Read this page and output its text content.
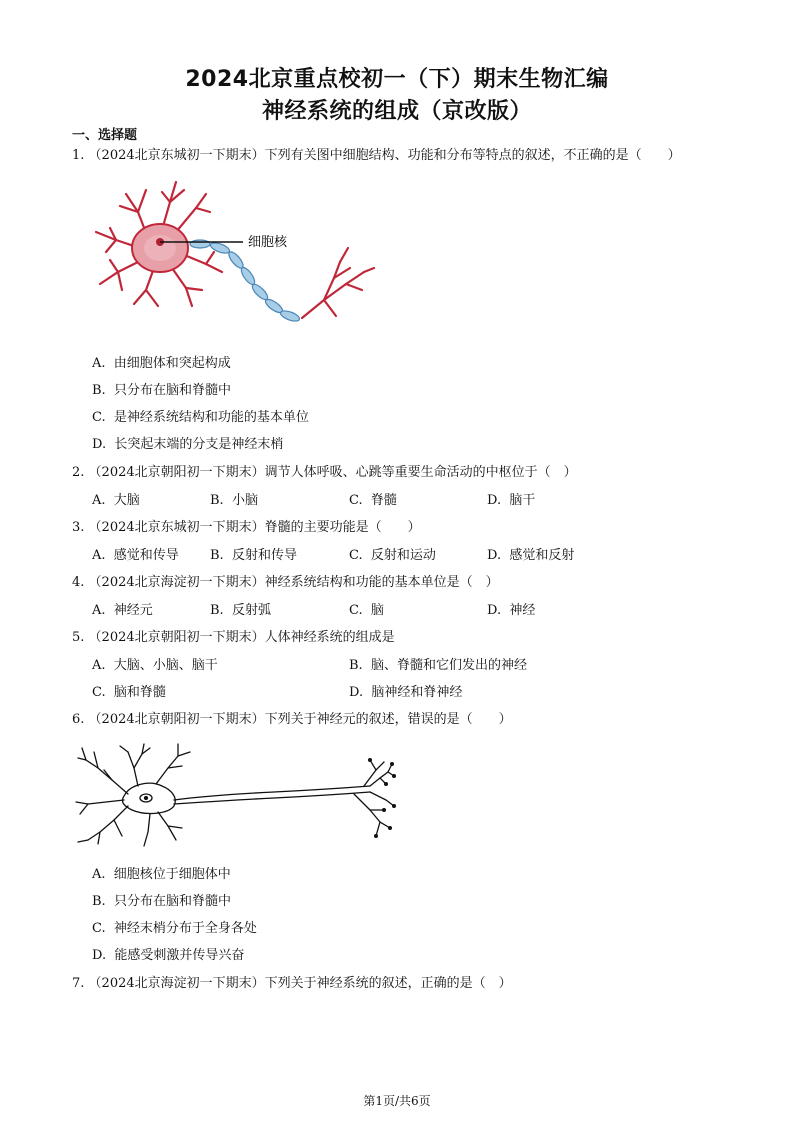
2024北京重点校初一（下）期末生物汇编
神经系统的组成（京改版）
一、选择题
1. （2024北京东城初一下期末）下列有关图中细胞结构、功能和分布等特点的叙述，不正确的是（　　）
细胞核
A. 由细胞体和突起构成
B. 只分布在脑和脊髓中
C. 是神经系统结构和功能的基本单位
D. 长突起末端的分支是神经末梢
2. （2024北京朝阳初一下期末）调节人体呼吸、心跳等重要生命活动的中枢位于（　）
A. 大脑	B. 小脑	C. 脊髓	D. 脑干
3. （2024北京东城初一下期末）脊髓的主要功能是（　　）
A. 感觉和传导 B. 反射和传导	C. 反射和运动	D. 感觉和反射
4. （2024北京海淀初一下期末）神经系统结构和功能的基本单位是（　）
A. 神经元	B. 反射弧	C. 脑	D. 神经
5. （2024北京朝阳初一下期末）人体神经系统的组成是
A. 大脑、小脑、脑干	B. 脑、脊髓和它们发出的神经
C. 脑和脊髓	D. 脑神经和脊神经
6. （2024北京朝阳初一下期末）下列关于神经元的叙述，错误的是（　　）
A. 细胞核位于细胞体中
B. 只分布在脑和脊髓中
C. 神经末梢分布于全身各处
D. 能感受刺激并传导兴奋
7. （2024北京海淀初一下期末）下列关于神经系统的叙述，正确的是（　）
第1页/共6页
